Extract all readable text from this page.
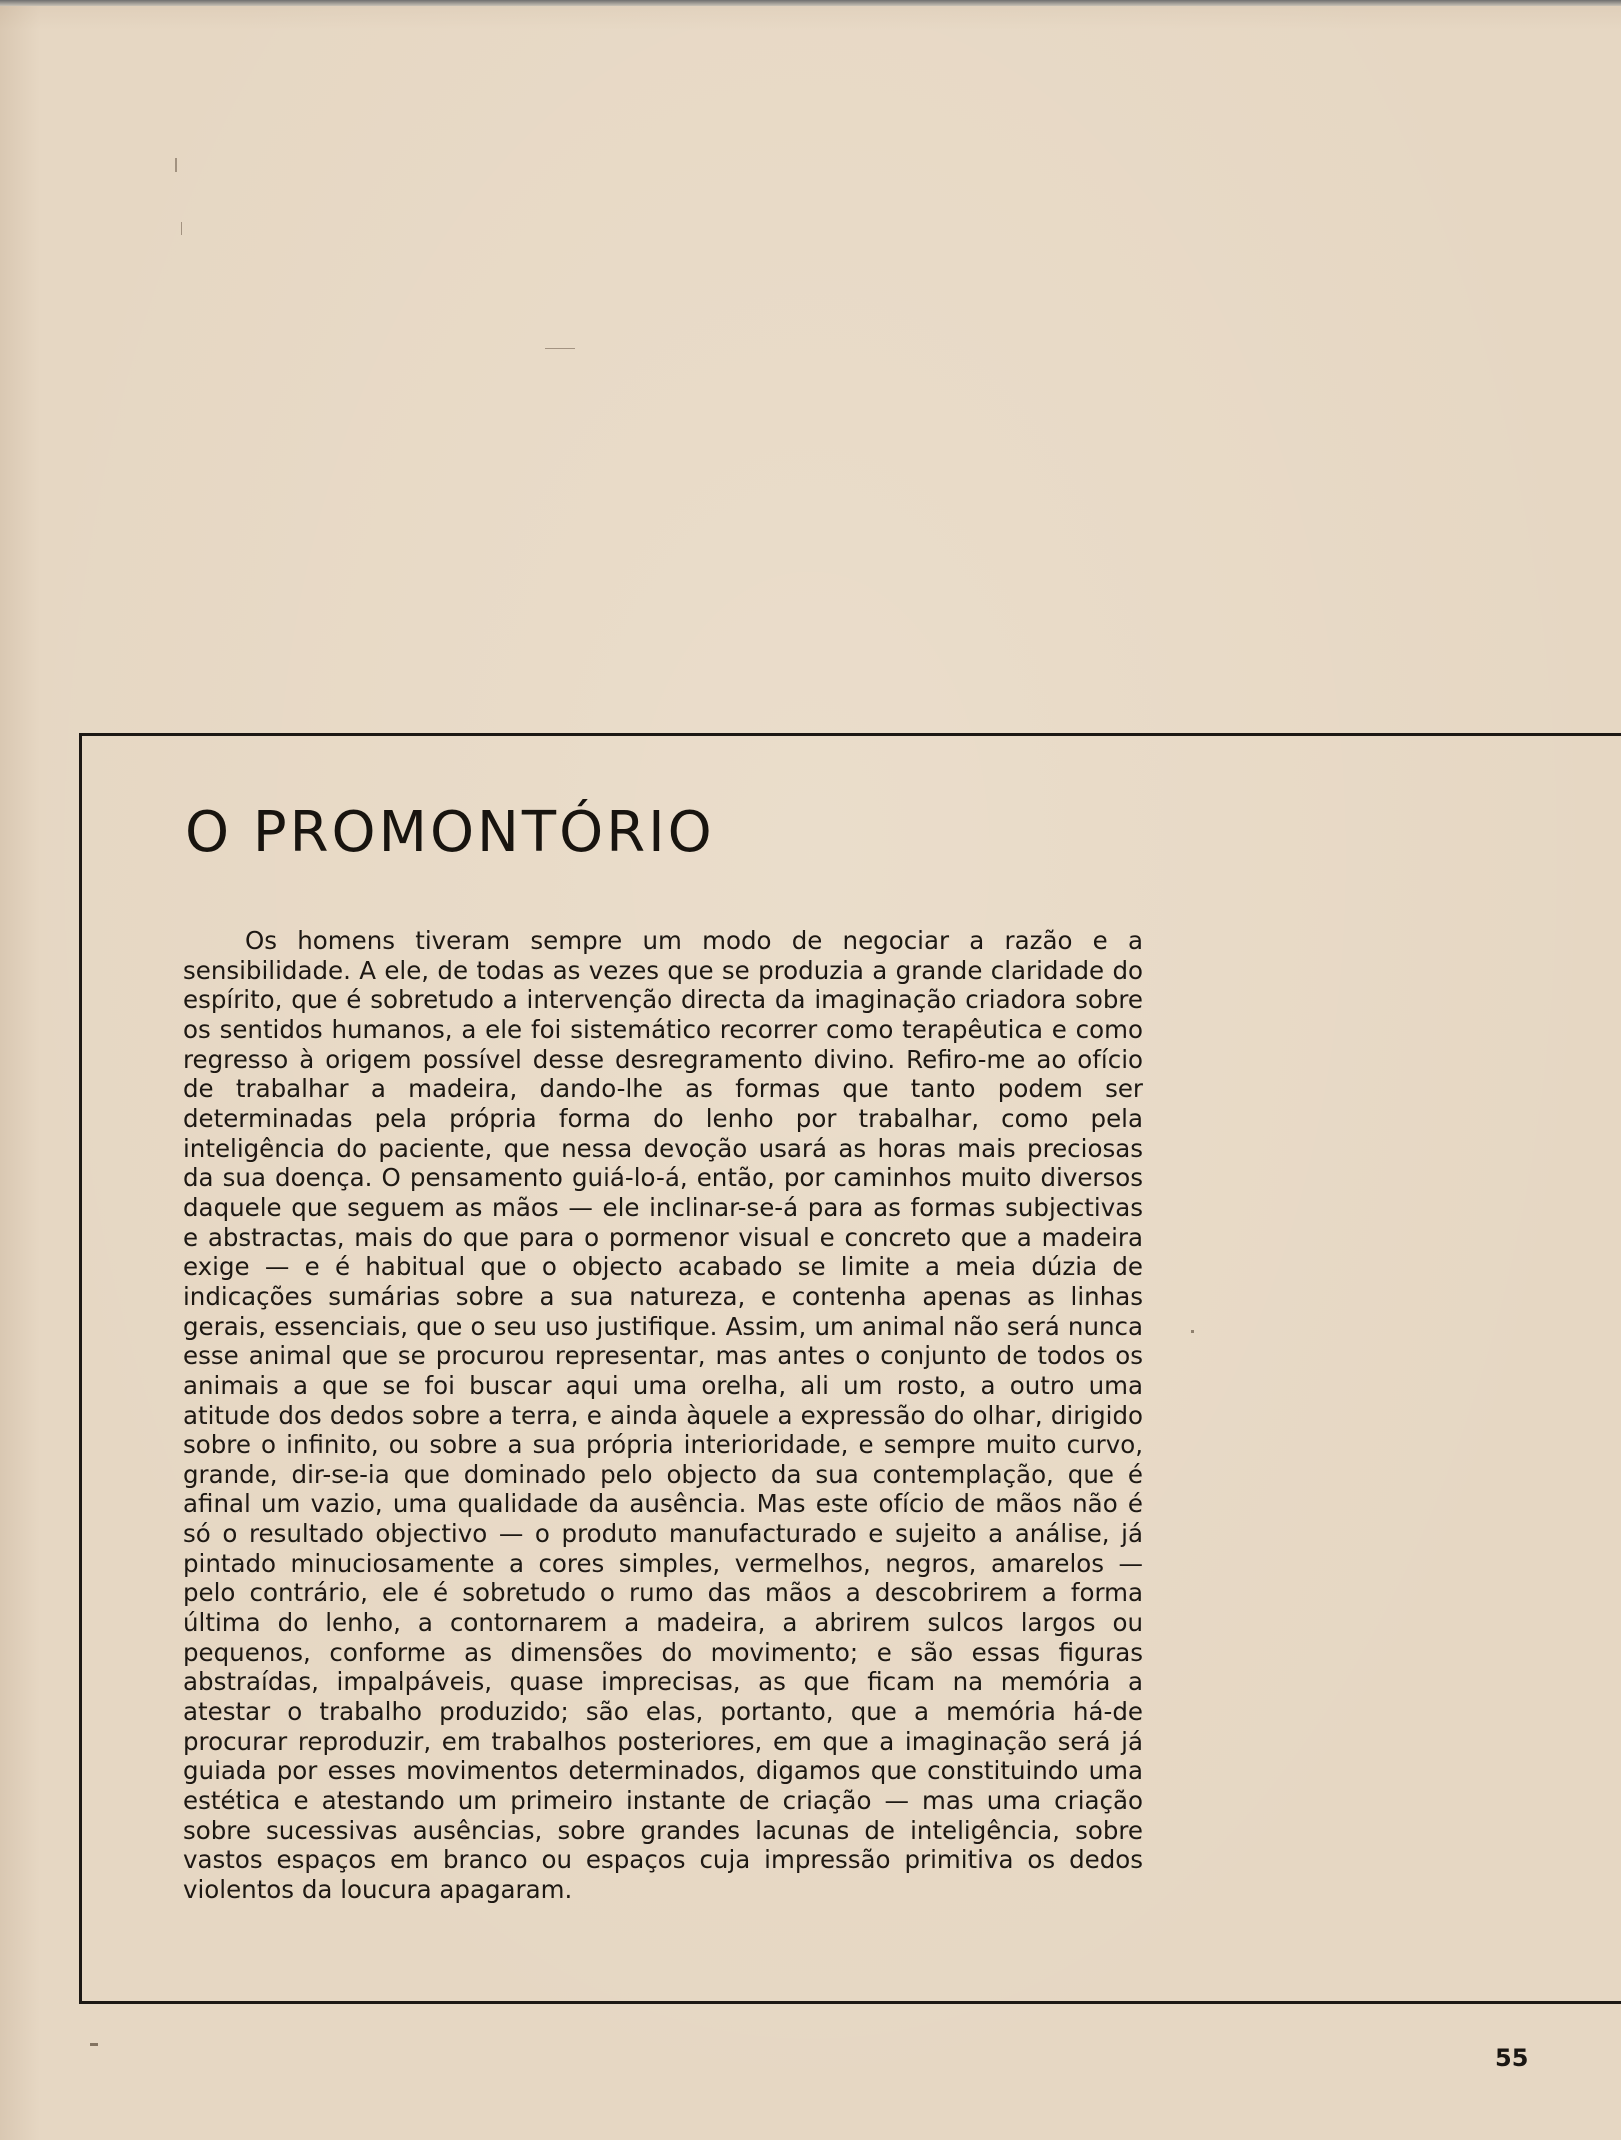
O PROMONTÓRIO

Os homens tiveram sempre um modo de negociar a razão e a sensibilidade. A ele, de todas as vezes que se produzia a grande claridade do espírito, que é sobretudo a intervenção directa da imaginação criadora sobre os sentidos humanos, a ele foi sistemático recorrer como terapêutica e como regresso à origem possível desse desregramento divino. Refiro-me ao ofício de trabalhar a madeira, dando-lhe as formas que tanto podem ser determinadas pela própria forma do lenho por trabalhar, como pela inteligência do paciente, que nessa devoção usará as horas mais preciosas da sua doença. O pensamento guiá-lo-á, então, por caminhos muito diversos daquele que seguem as mãos — ele inclinar-se-á para as formas subjectivas e abstractas, mais do que para o pormenor visual e concreto que a madeira exige — e é habitual que o objecto acabado se limite a meia dúzia de indicações sumárias sobre a sua natureza, e contenha apenas as linhas gerais, essenciais, que o seu uso justifique. Assim, um animal não será nunca esse animal que se procurou representar, mas antes o conjunto de todos os animais a que se foi buscar aqui uma orelha, ali um rosto, a outro uma atitude dos dedos sobre a terra, e ainda àquele a expressão do olhar, dirigido sobre o infinito, ou sobre a sua própria interioridade, e sempre muito curvo, grande, dir-se-ia que dominado pelo objecto da sua contemplação, que é afinal um vazio, uma qualidade da ausência. Mas este ofício de mãos não é só o resultado objectivo — o produto manufacturado e sujeito a análise, já pintado minuciosamente a cores simples, vermelhos, negros, amarelos — pelo contrário, ele é sobretudo o rumo das mãos a descobrirem a forma última do lenho, a contornarem a madeira, a abrirem sulcos largos ou pequenos, conforme as dimensões do movimento; e são essas figuras abstraídas, impalpáveis, quase imprecisas, as que ficam na memória a atestar o trabalho produzido; são elas, portanto, que a memória há-de procurar reproduzir, em trabalhos posteriores, em que a imaginação será já guiada por esses movimentos determinados, digamos que constituindo uma estética e atestando um primeiro instante de criação — mas uma criação sobre sucessivas ausências, sobre grandes lacunas de inteligência, sobre vastos espaços em branco ou espaços cuja impressão primitiva os dedos violentos da loucura apagaram.

55
